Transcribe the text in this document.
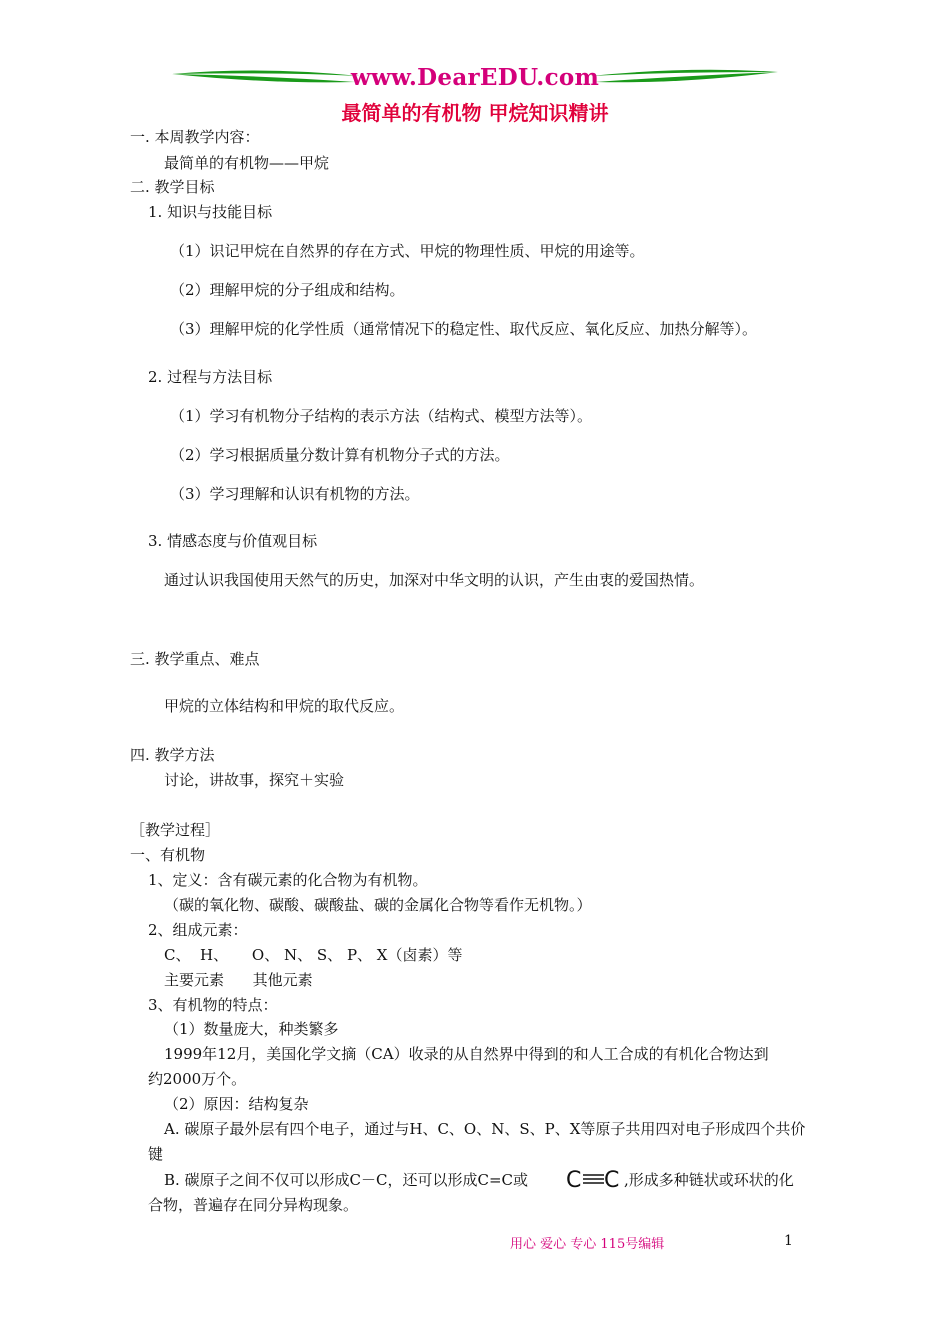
www.DearEDU.com
最简单的有机物 甲烷知识精讲
一. 本周教学内容：
最简单的有机物——甲烷
二. 教学目标
1. 知识与技能目标
（1）识记甲烷在自然界的存在方式、甲烷的物理性质、甲烷的用途等。
（2）理解甲烷的分子组成和结构。
（3）理解甲烷的化学性质（通常情况下的稳定性、取代反应、氧化反应、加热分解等）。
2. 过程与方法目标
（1）学习有机物分子结构的表示方法（结构式、模型方法等）。
（2）学习根据质量分数计算有机物分子式的方法。
（3）学习理解和认识有机物的方法。
3. 情感态度与价值观目标
通过认识我国使用天然气的历史，加深对中华文明的认识，产生由衷的爱国热情。
三. 教学重点、难点
甲烷的立体结构和甲烷的取代反应。
四. 教学方法
讨论，讲故事，探究＋实验
［教学过程］
一、有机物
1、定义：含有碳元素的化合物为有机物。
（碳的氧化物、碳酸、碳酸盐、碳的金属化合物等看作无机物。）
2、组成元素：
C、  H、     O、 N、 S、 P、 X（卤素）等
主要元素      其他元素
3、有机物的特点：
（1）数量庞大，种类繁多
1999年12月，美国化学文摘（CA）收录的从自然界中得到的和人工合成的有机化合物达到
约2000万个。
（2）原因：结构复杂
A. 碳原子最外层有四个电子，通过与H、C、O、N、S、P、X等原子共用四对电子形成四个共价
键
B. 碳原子之间不仅可以形成C－C，还可以形成C=C或 C C ,形成多种链状或环状的化
合物，普遍存在同分异构现象。
用心 爱心 专心 115号编辑	1
